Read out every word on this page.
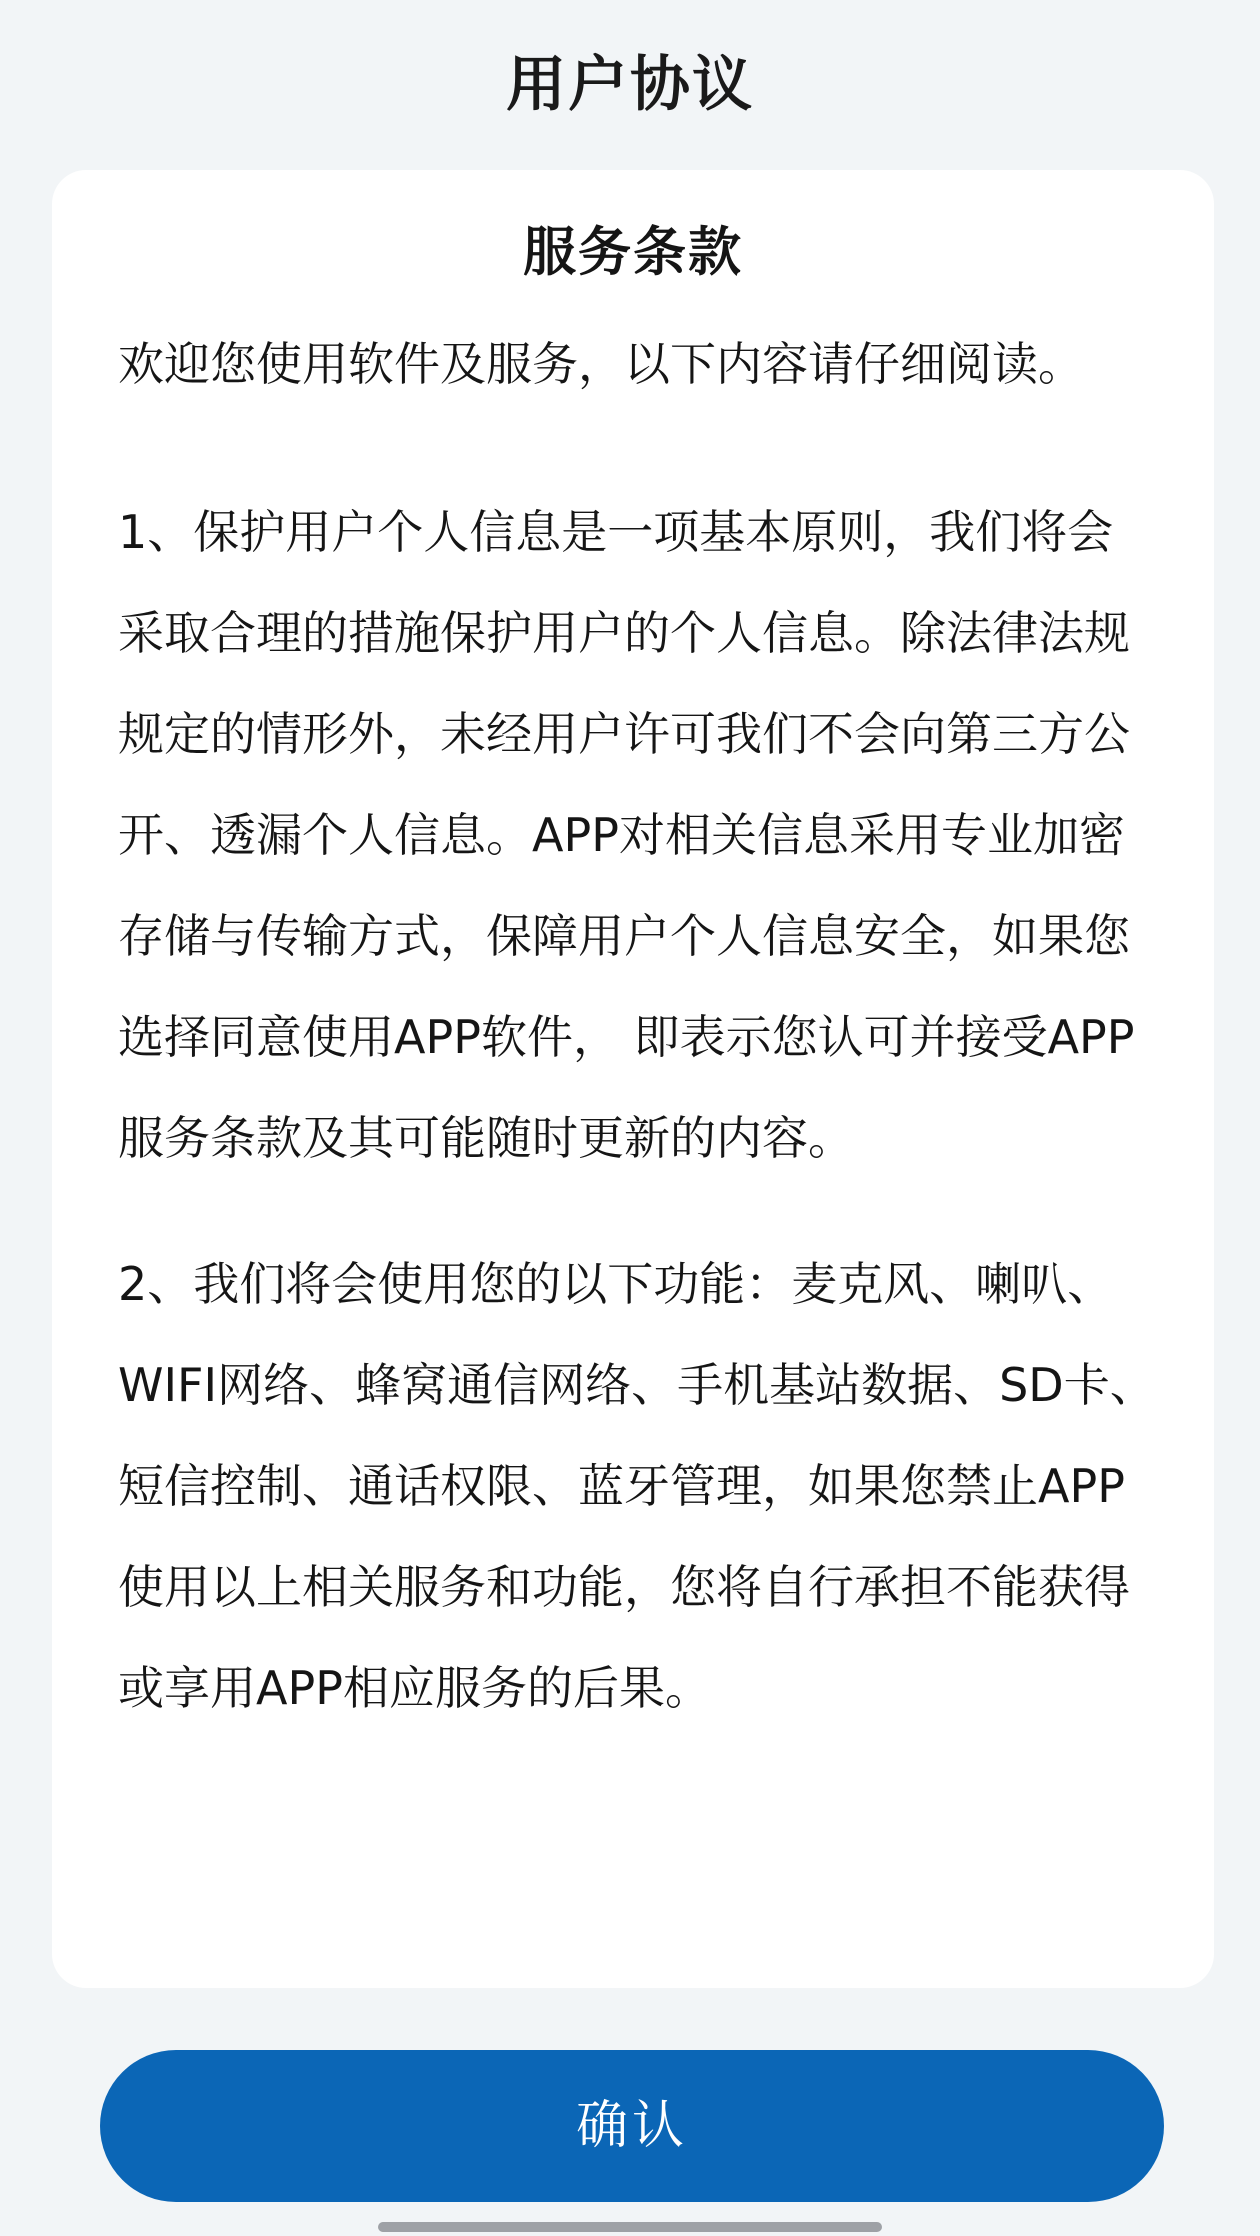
用户协议
服务条款

欢迎您使用软件及服务，以下内容请仔细阅读。

1、保护用户个人信息是一项基本原则，我们将会采取合理的措施保护用户的个人信息。除法律法规规定的情形外，未经用户许可我们不会向第三方公开、透漏个人信息。APP对相关信息采用专业加密存储与传输方式，保障用户个人信息安全，如果您选择同意使用APP软件， 即表示您认可并接受APP服务条款及其可能随时更新的内容。

2、我们将会使用您的以下功能：麦克风、喇叭、WIFI网络、蜂窝通信网络、手机基站数据、SD卡、短信控制、通话权限、蓝牙管理，如果您禁止APP使用以上相关服务和功能，您将自行承担不能获得或享用APP相应服务的后果。

确认
